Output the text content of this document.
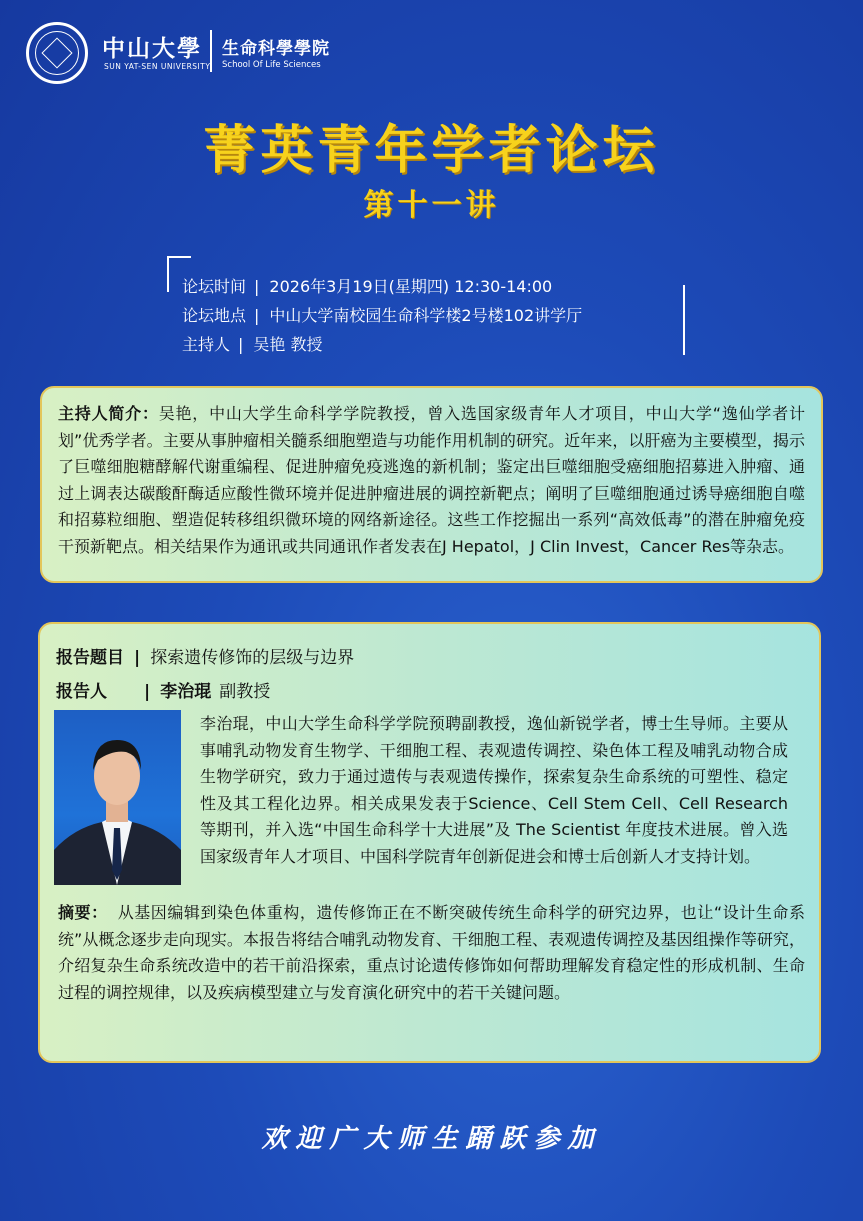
中山大學
SUN YAT-SEN UNIVERSITY
生命科學學院
School Of Life Sciences
菁英青年学者论坛
第十一讲
论坛时间 | 2026年3月19日(星期四) 12:30-14:00
论坛地点 | 中山大学南校园生命科学楼2号楼102讲学厅
主持人 | 吴艳 教授
主持人简介：吴艳，中山大学生命科学学院教授，曾入选国家级青年人才项目，中山大学“逸仙学者计划”优秀学者。主要从事肿瘤相关髓系细胞塑造与功能作用机制的研究。近年来，以肝癌为主要模型，揭示了巨噬细胞糖酵解代谢重编程、促进肿瘤免疫逃逸的新机制；鉴定出巨噬细胞受癌细胞招募进入肿瘤、通过上调表达碳酸酐酶适应酸性微环境并促进肿瘤进展的调控新靶点；阐明了巨噬细胞通过诱导癌细胞自噬和招募粒细胞、塑造促转移组织微环境的网络新途径。这些工作挖掘出一系列“高效低毒”的潜在肿瘤免疫干预新靶点。相关结果作为通讯或共同通讯作者发表在J Hepatol，J Clin Invest，Cancer Res等杂志。
报告题目 | 探索遗传修饰的层级与边界
报告人 | 李治琨 副教授
李治琨，中山大学生命科学学院预聘副教授，逸仙新锐学者，博士生导师。主要从事哺乳动物发育生物学、干细胞工程、表观遗传调控、染色体工程及哺乳动物合成生物学研究，致力于通过遗传与表观遗传操作，探索复杂生命系统的可塑性、稳定性及其工程化边界。相关成果发表于Science、Cell Stem Cell、Cell Research 等期刊，并入选“中国生命科学十大进展”及 The Scientist 年度技术进展。曾入选国家级青年人才项目、中国科学院青年创新促进会和博士后创新人才支持计划。
摘要： 从基因编辑到染色体重构，遗传修饰正在不断突破传统生命科学的研究边界，也让“设计生命系统”从概念逐步走向现实。本报告将结合哺乳动物发育、干细胞工程、表观遗传调控及基因组操作等研究，介绍复杂生命系统改造中的若干前沿探索，重点讨论遗传修饰如何帮助理解发育稳定性的形成机制、生命过程的调控规律，以及疾病模型建立与发育演化研究中的若干关键问题。
欢迎广大师生踊跃参加
